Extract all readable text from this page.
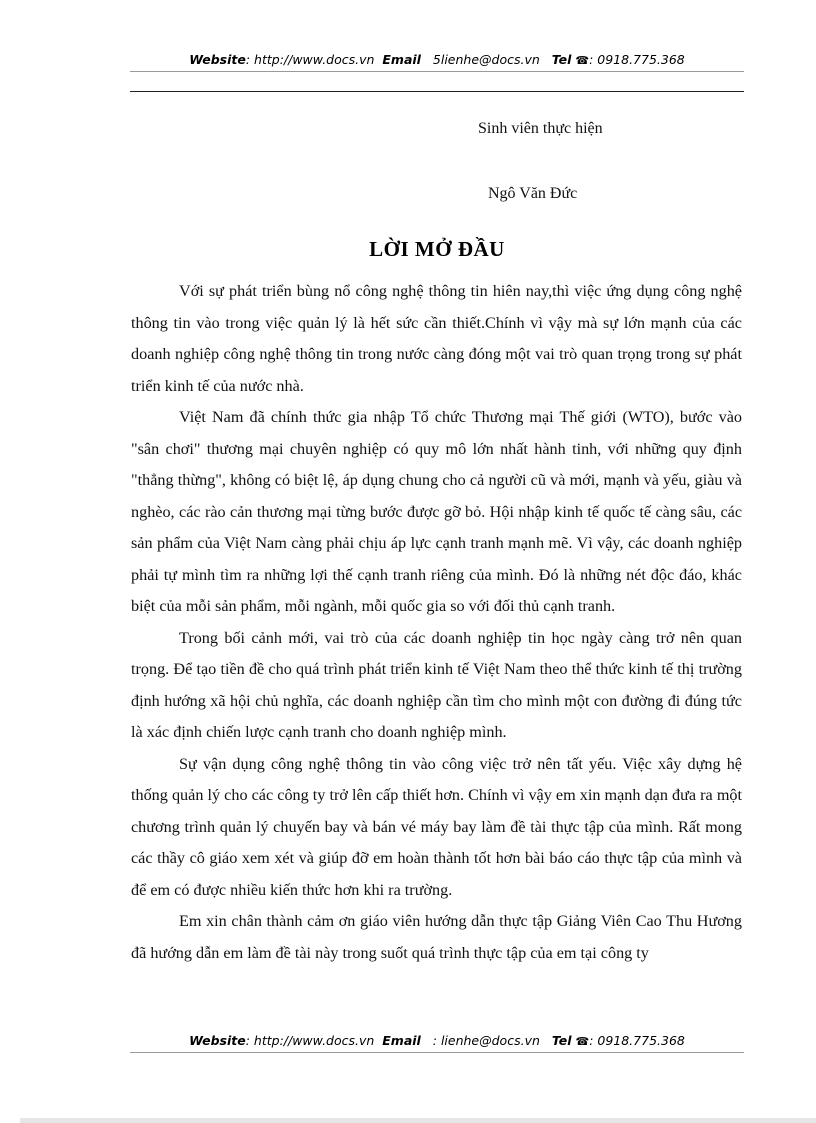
Website: http://www.docs.vn Email 5lienhe@docs.vn Tel ☎: 0918.775.368
Sinh viên thực hiện
Ngô Văn Đức
LỜI MỞ ĐẦU

Với sự phát triển bùng nổ công nghệ thông tin hiên nay,thì việc ứng dụng công nghệ thông tin vào trong việc quản lý là hết sức cần thiết.Chính vì vậy mà sự lớn mạnh của các doanh nghiệp công nghệ thông tin trong nước càng đóng một vai trò quan trọng trong sự phát triển kinh tế của nước nhà.

Việt Nam đã chính thức gia nhập Tổ chức Thương mại Thế giới (WTO), bước vào "sân chơi" thương mại chuyên nghiệp có quy mô lớn nhất hành tinh, với những quy định "thẳng thừng", không có biệt lệ, áp dụng chung cho cả người cũ và mới, mạnh và yếu, giàu và nghèo, các rào cản thương mại từng bước được gỡ bỏ. Hội nhập kinh tế quốc tế càng sâu, các sản phẩm của Việt Nam càng phải chịu áp lực cạnh tranh mạnh mẽ. Vì vậy, các doanh nghiệp phải tự mình tìm ra những lợi thế cạnh tranh riêng của mình. Đó là những nét độc đáo, khác biệt của mỗi sản phẩm, mỗi ngành, mỗi quốc gia so với đối thủ cạnh tranh.

Trong bối cảnh mới, vai trò của các doanh nghiệp tin học ngày càng trở nên quan trọng. Để tạo tiền đề cho quá trình phát triển kinh tế Việt Nam theo thể thức kinh tế thị trường định hướng xã hội chủ nghĩa, các doanh nghiệp cần tìm cho mình một con đường đi đúng tức là xác định chiến lược cạnh tranh cho doanh nghiệp mình.

Sự vận dụng công nghệ thông tin vào công việc trở nên tất yếu. Việc xây dựng hệ thống quản lý cho các công ty trở lên cấp thiết hơn. Chính vì vậy em xin mạnh dạn đưa ra một chương trình quản lý chuyến bay và bán vé máy bay làm đề tài thực tập của mình. Rất mong các thầy cô giáo xem xét và giúp đỡ em hoàn thành tốt hơn bài báo cáo thực tập của mình và để em có được nhiều kiến thức hơn khi ra trường.

Em xin chân thành cảm ơn giáo viên hướng dẫn thực tập Giảng Viên Cao Thu Hương đã hướng dẫn em làm đề tài này trong suốt quá trình thực tập của em tại công ty

Website: http://www.docs.vn Email : lienhe@docs.vn Tel ☎: 0918.775.368
